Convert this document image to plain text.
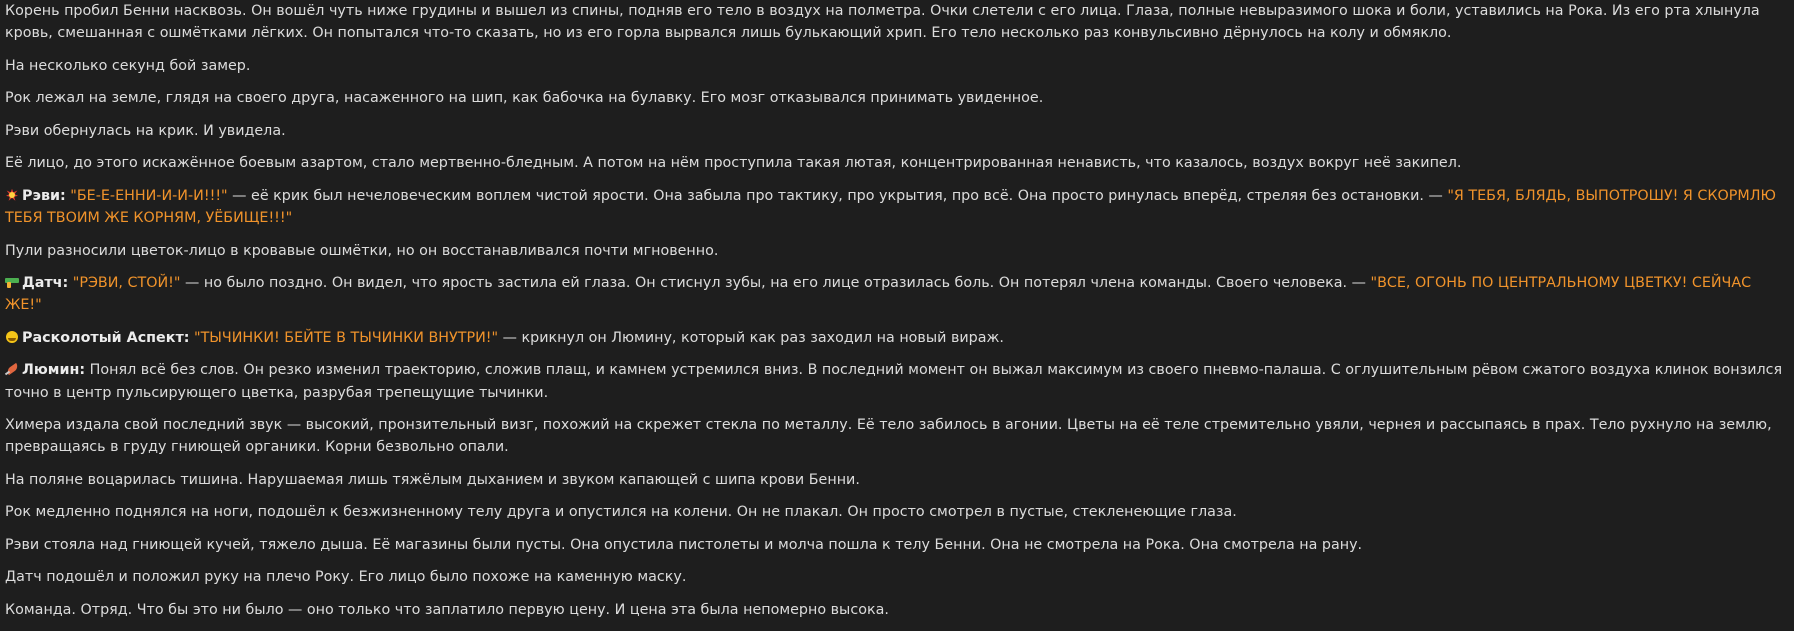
Корень пробил Бенни насквозь. Он вошёл чуть ниже грудины и вышел из спины, подняв его тело в воздух на полметра. Очки слетели с его лица. Глаза, полные невыразимого шока и боли, уставились на Рока. Из его рта хлынула кровь, смешанная с ошмётками лёгких. Он попытался что-то сказать, но из его горла вырвался лишь булькающий хрип. Его тело несколько раз конвульсивно дёрнулось на колу и обмякло.

На несколько секунд бой замер.

Рок лежал на земле, глядя на своего друга, насаженного на шип, как бабочка на булавку. Его мозг отказывался принимать увиденное.

Рэви обернулась на крик. И увидела.

Её лицо, до этого искажённое боевым азартом, стало мертвенно-бледным. А потом на нём проступила такая лютая, концентрированная ненависть, что казалось, воздух вокруг неё закипел.

Рэви: "БЕ-Е-ЕННИ-И-И-И!!!" — её крик был нечеловеческим воплем чистой ярости. Она забыла про тактику, про укрытия, про всё. Она просто ринулась вперёд, стреляя без остановки. — "Я ТЕБЯ, БЛЯДЬ, ВЫПОТРОШУ! Я СКОРМЛЮ ТЕБЯ ТВОИМ ЖЕ КОРНЯМ, УЁБИЩЕ!!!"

Пули разносили цветок-лицо в кровавые ошмётки, но он восстанавливался почти мгновенно.

Датч: "РЭВИ, СТОЙ!" — но было поздно. Он видел, что ярость застила ей глаза. Он стиснул зубы, на его лице отразилась боль. Он потерял члена команды. Своего человека. — "ВСЕ, ОГОНЬ ПО ЦЕНТРАЛЬНОМУ ЦВЕТКУ! СЕЙЧАС ЖЕ!"

Расколотый Аспект: "ТЫЧИНКИ! БЕЙТЕ В ТЫЧИНКИ ВНУТРИ!" — крикнул он Люмину, который как раз заходил на новый вираж.

Люмин: Понял всё без слов. Он резко изменил траекторию, сложив плащ, и камнем устремился вниз. В последний момент он выжал максимум из своего пневмо-палаша. С оглушительным рёвом сжатого воздуха клинок вонзился точно в центр пульсирующего цветка, разрубая трепещущие тычинки.

Химера издала свой последний звук — высокий, пронзительный визг, похожий на скрежет стекла по металлу. Её тело забилось в агонии. Цветы на её теле стремительно увяли, чернея и рассыпаясь в прах. Тело рухнуло на землю, превращаясь в груду гниющей органики. Корни безвольно опали.

На поляне воцарилась тишина. Нарушаемая лишь тяжёлым дыханием и звуком капающей с шипа крови Бенни.

Рок медленно поднялся на ноги, подошёл к безжизненному телу друга и опустился на колени. Он не плакал. Он просто смотрел в пустые, стекленеющие глаза.

Рэви стояла над гниющей кучей, тяжело дыша. Её магазины были пусты. Она опустила пистолеты и молча пошла к телу Бенни. Она не смотрела на Рока. Она смотрела на рану.

Датч подошёл и положил руку на плечо Року. Его лицо было похоже на каменную маску.

Команда. Отряд. Что бы это ни было — оно только что заплатило первую цену. И цена эта была непомерно высока.
